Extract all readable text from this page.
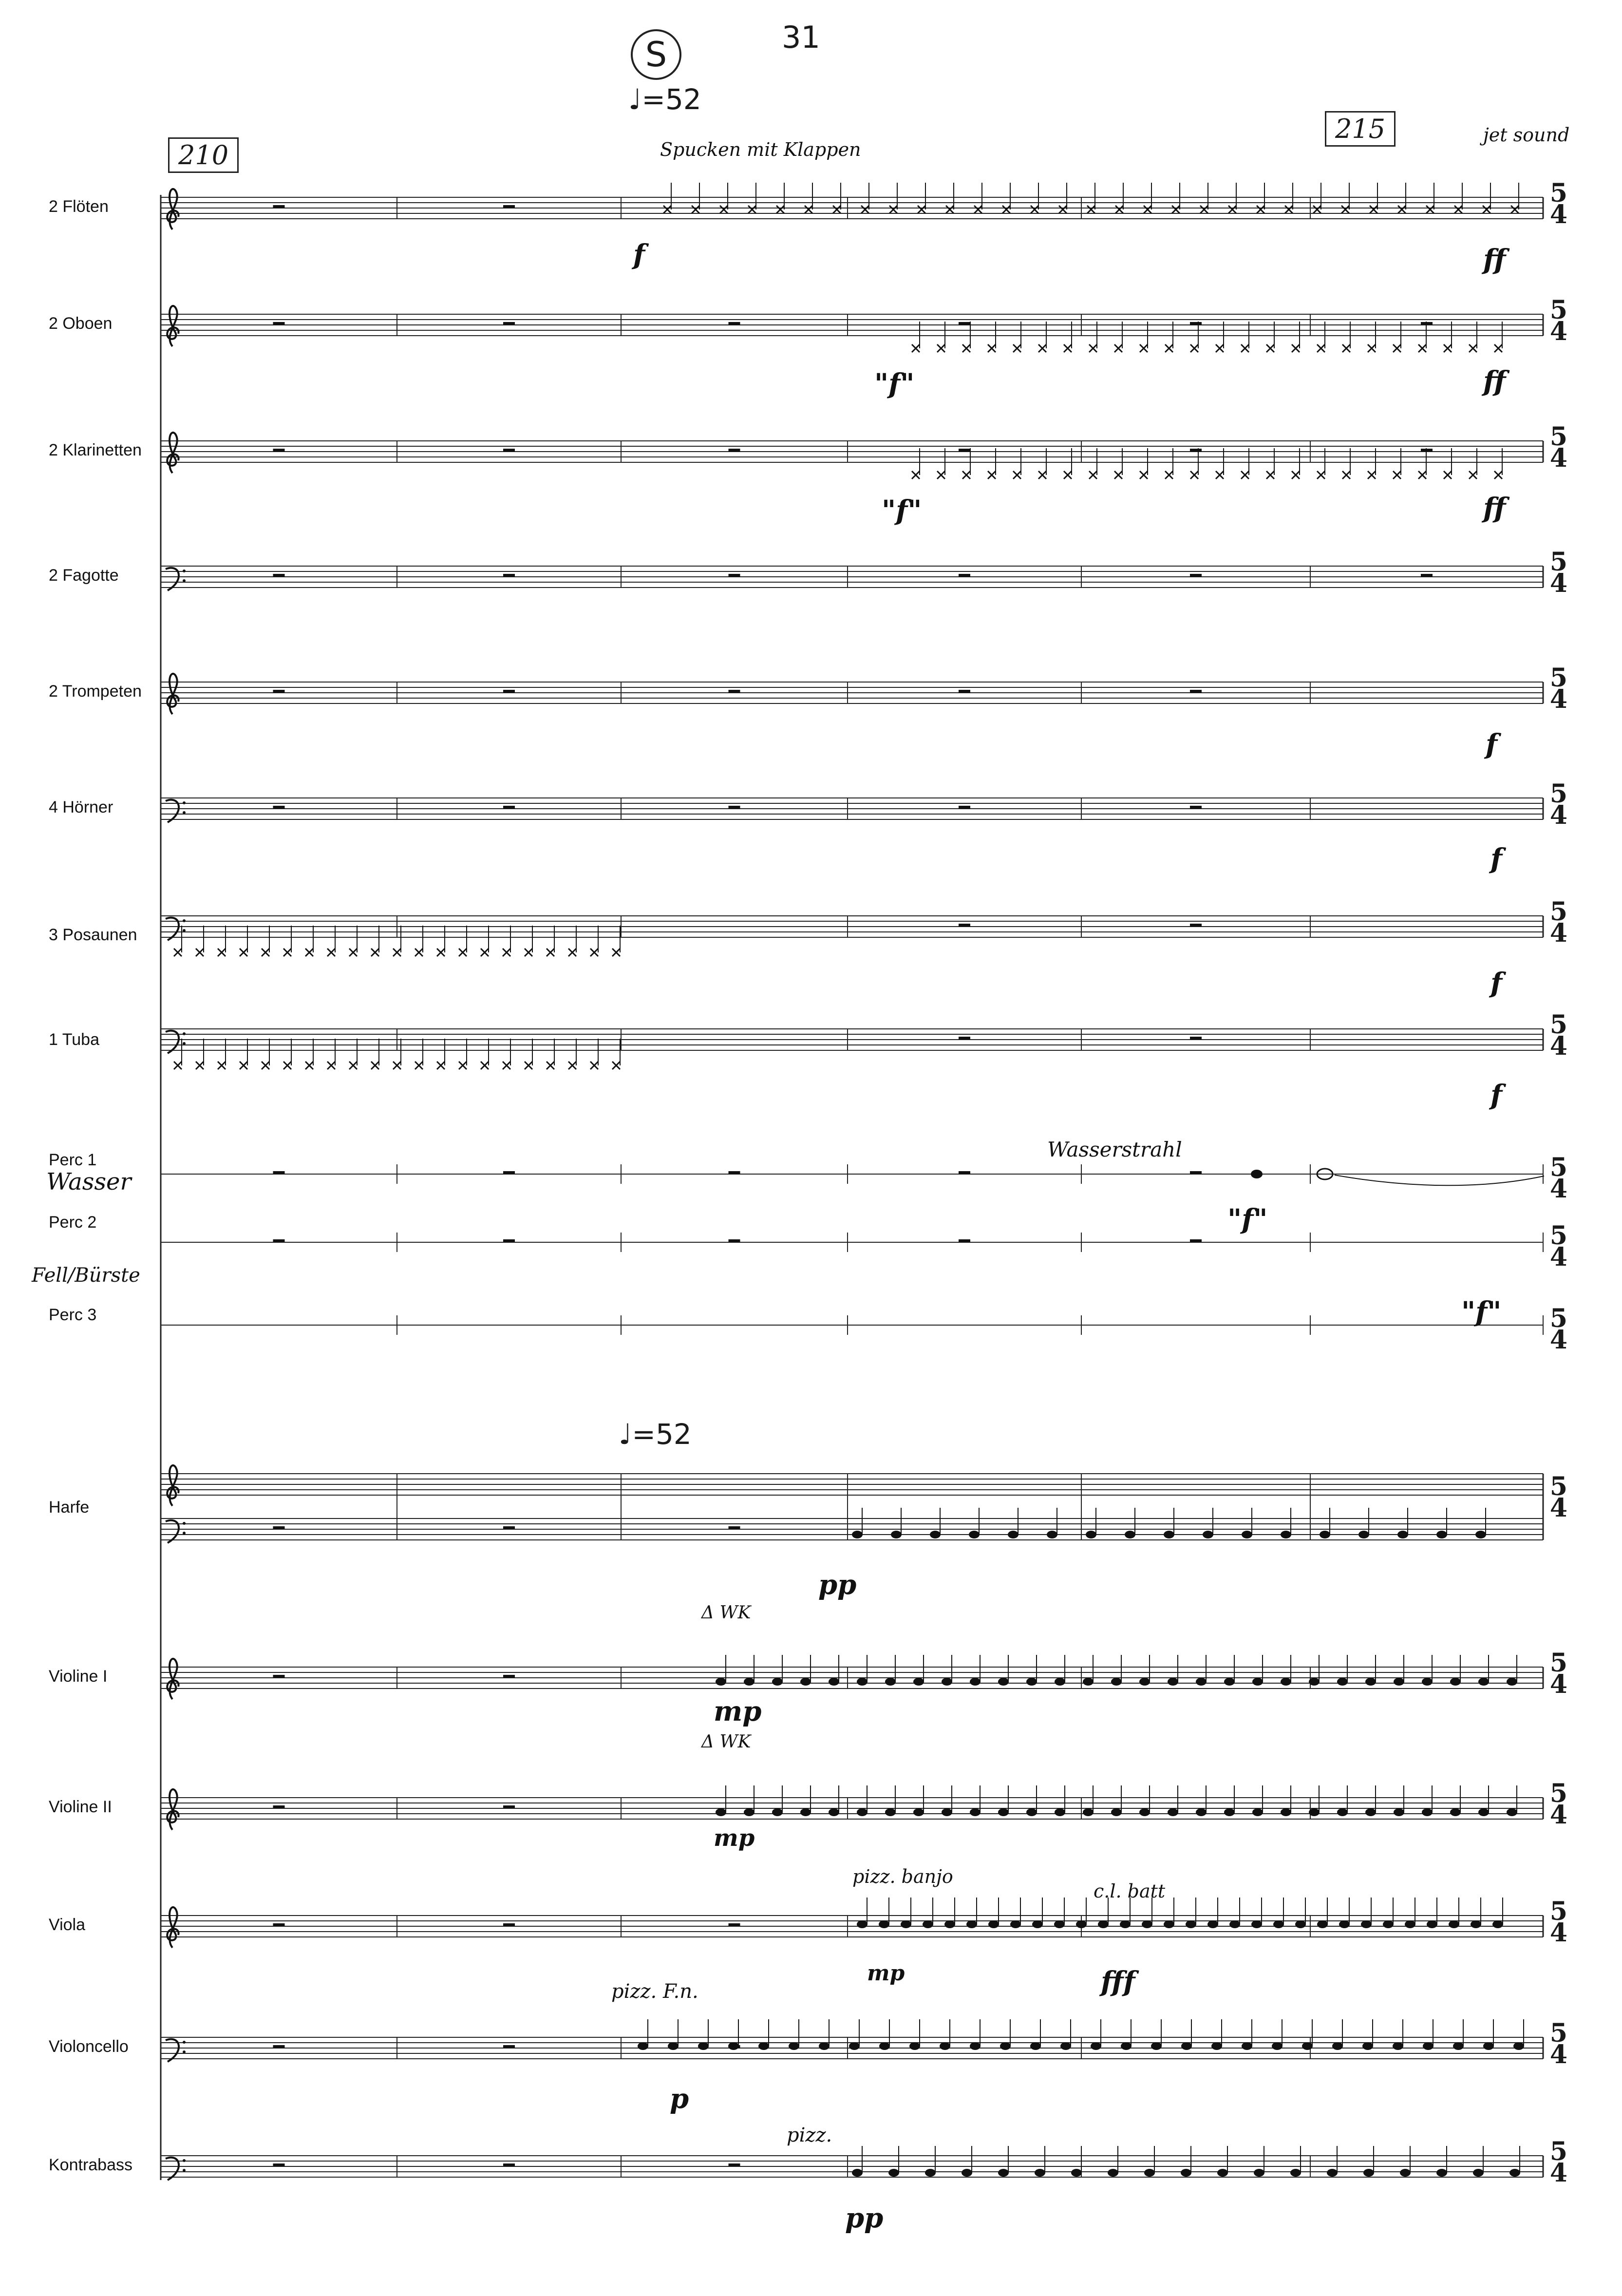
S	31
♩=52
♩=52
210
215
2 Flöten
2 Oboen
2 Klarinetten
2 Fagotte
2 Trompeten
4 Hörner
3 Posaunen
1 Tuba
Perc 1
Wasser
Perc 2
Fell/Bürste
Perc 3
Harfe
Violine I
Violine II
Viola
Violoncello
Kontrabass
Spucken mit Klappen
jet sound
Wasserstrahl
pizz. banjo
c.l. batt
pizz. F.n.
pizz.
Δ WK
Δ WK
f	ff
"f"	ff
"f"	ff
f
f
f
f
"f"
"f"
pp
mp
mp
mp	fff
p
pp
5
4
5
4
5
4
5
4
5
4
5
4
5
4
5
4
5
4
5
4
5
4
5
4
5
4
5
4
5
4
5
4
5
4
